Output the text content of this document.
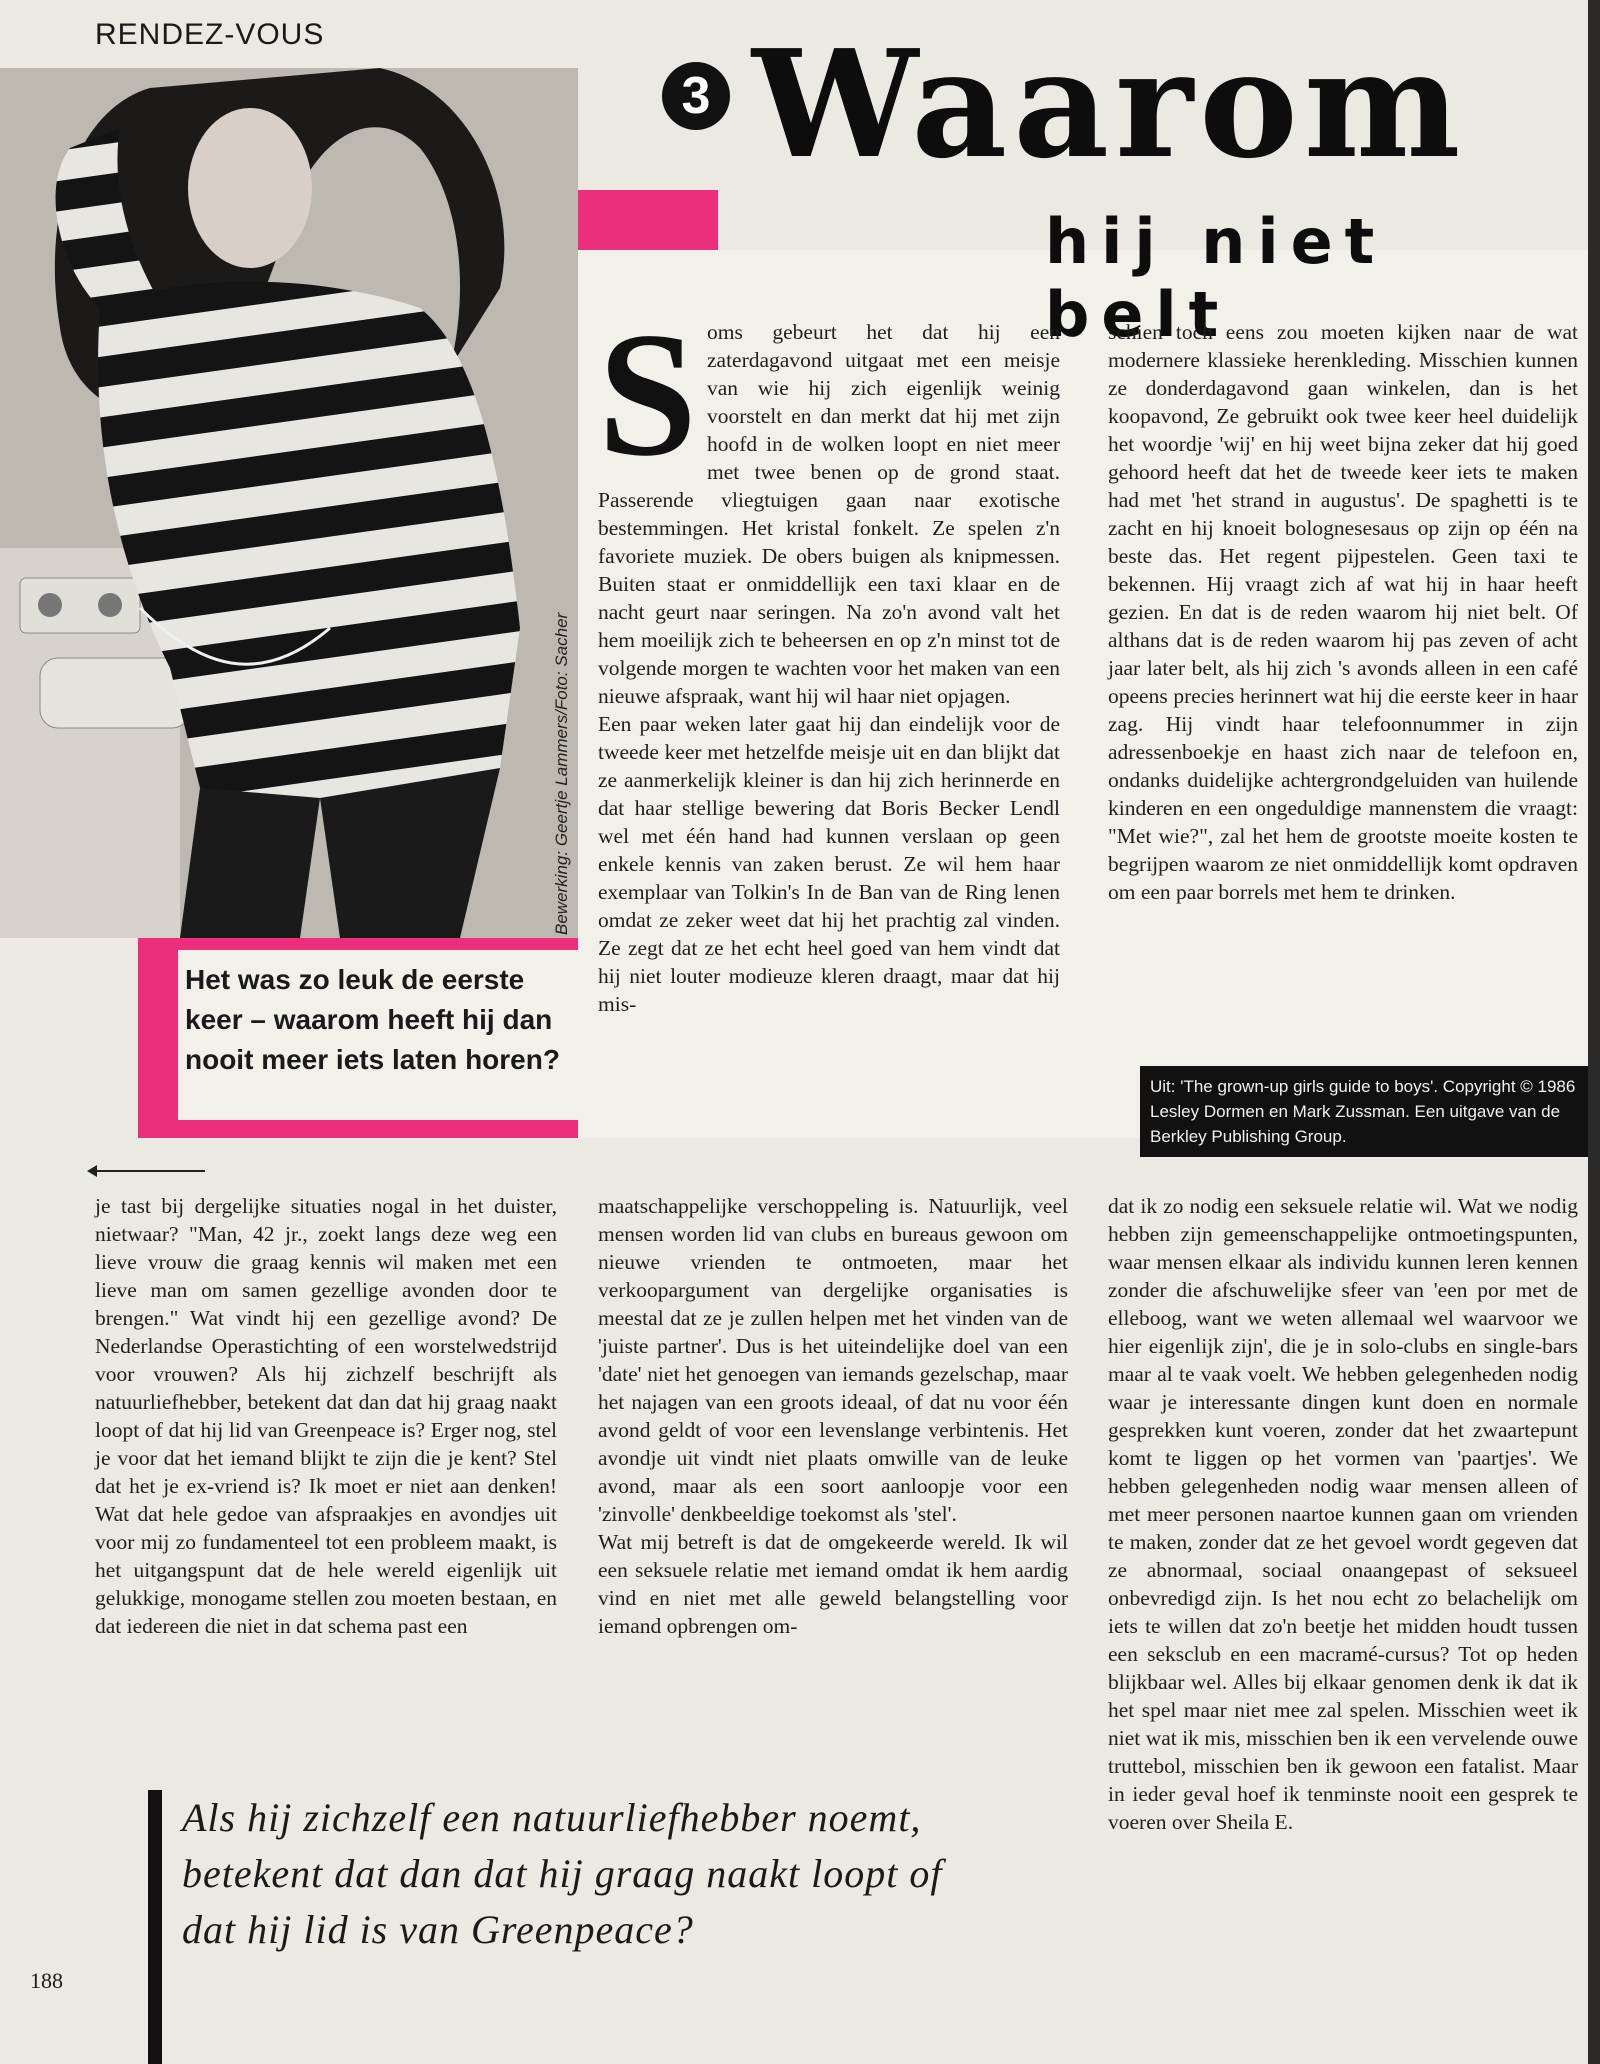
RENDEZ-VOUS
Bewerking: Geertje Lammers/Foto: Sacher
3 Waarom
hij niet belt
Het was zo leuk de eerste keer – waarom heeft hij dan nooit meer iets laten horen?
S oms gebeurt het dat hij een zaterdagavond uitgaat met een meisje van wie hij zich eigenlijk weinig voorstelt en dan merkt dat hij met zijn hoofd in de wolken loopt en niet meer met twee benen op de grond staat. Passerende vliegtuigen gaan naar exotische bestemmingen. Het kristal fonkelt. Ze spelen z'n favoriete muziek. De obers buigen als knipmessen. Buiten staat er onmiddellijk een taxi klaar en de nacht geurt naar seringen. Na zo'n avond valt het hem moeilijk zich te beheersen en op z'n minst tot de volgende morgen te wachten voor het maken van een nieuwe afspraak, want hij wil haar niet opjagen.

Een paar weken later gaat hij dan eindelijk voor de tweede keer met hetzelfde meisje uit en dan blijkt dat ze aanmerkelijk kleiner is dan hij zich herinnerde en dat haar stellige bewering dat Boris Becker Lendl wel met één hand had kunnen verslaan op geen enkele kennis van zaken berust. Ze wil hem haar exemplaar van Tolkin's In de Ban van de Ring lenen omdat ze zeker weet dat hij het prachtig zal vinden. Ze zegt dat ze het echt heel goed van hem vindt dat hij niet louter modieuze kleren draagt, maar dat hij mis-

schien toch eens zou moeten kijken naar de wat modernere klassieke herenkleding. Misschien kunnen ze donderdagavond gaan winkelen, dan is het koopavond, Ze gebruikt ook twee keer heel duidelijk het woordje 'wij' en hij weet bijna zeker dat hij goed gehoord heeft dat het de tweede keer iets te maken had met 'het strand in augustus'. De spaghetti is te zacht en hij knoeit bolognesesaus op zijn op één na beste das. Het regent pijpestelen. Geen taxi te bekennen. Hij vraagt zich af wat hij in haar heeft gezien. En dat is de reden waarom hij niet belt. Of althans dat is de reden waarom hij pas zeven of acht jaar later belt, als hij zich 's avonds alleen in een café opeens precies herinnert wat hij die eerste keer in haar zag. Hij vindt haar telefoonnummer in zijn adressenboekje en haast zich naar de telefoon en, ondanks duidelijke achtergrondgeluiden van huilende kinderen en een ongeduldige mannenstem die vraagt: "Met wie?", zal het hem de grootste moeite kosten te begrijpen waarom ze niet onmiddellijk komt opdraven om een paar borrels met hem te drinken.

Uit: 'The grown-up girls guide to boys'. Copyright © 1986 Lesley Dormen en Mark Zussman. Een uitgave van de Berkley Publishing Group.

je tast bij dergelijke situaties nogal in het duister, nietwaar? "Man, 42 jr., zoekt langs deze weg een lieve vrouw die graag kennis wil maken met een lieve man om samen gezellige avonden door te brengen." Wat vindt hij een gezellige avond? De Nederlandse Operastichting of een worstelwedstrijd voor vrouwen? Als hij zichzelf beschrijft als natuurliefhebber, betekent dat dan dat hij graag naakt loopt of dat hij lid van Greenpeace is? Erger nog, stel je voor dat het iemand blijkt te zijn die je kent? Stel dat het je ex-vriend is? Ik moet er niet aan denken! Wat dat hele gedoe van afspraakjes en avondjes uit voor mij zo fundamenteel tot een probleem maakt, is het uitgangspunt dat de hele wereld eigenlijk uit gelukkige, monogame stellen zou moeten bestaan, en dat iedereen die niet in dat schema past een

maatschappelijke verschoppeling is. Natuurlijk, veel mensen worden lid van clubs en bureaus gewoon om nieuwe vrienden te ontmoeten, maar het verkoopargument van dergelijke organisaties is meestal dat ze je zullen helpen met het vinden van de 'juiste partner'. Dus is het uiteindelijke doel van een 'date' niet het genoegen van iemands gezelschap, maar het najagen van een groots ideaal, of dat nu voor één avond geldt of voor een levenslange verbintenis. Het avondje uit vindt niet plaats omwille van de leuke avond, maar als een soort aanloopje voor een 'zinvolle' denkbeeldige toekomst als 'stel'.

Wat mij betreft is dat de omgekeerde wereld. Ik wil een seksuele relatie met iemand omdat ik hem aardig vind en niet met alle geweld belangstelling voor iemand opbrengen om-

dat ik zo nodig een seksuele relatie wil. Wat we nodig hebben zijn gemeenschappelijke ontmoetingspunten, waar mensen elkaar als individu kunnen leren kennen zonder die afschuwelijke sfeer van 'een por met de elleboog, want we weten allemaal wel waarvoor we hier eigenlijk zijn', die je in solo-clubs en single-bars maar al te vaak voelt. We hebben gelegenheden nodig waar je interessante dingen kunt doen en normale gesprekken kunt voeren, zonder dat het zwaartepunt komt te liggen op het vormen van 'paartjes'. We hebben gelegenheden nodig waar mensen alleen of met meer personen naartoe kunnen gaan om vrienden te maken, zonder dat ze het gevoel wordt gegeven dat ze abnormaal, sociaal onaangepast of seksueel onbevredigd zijn. Is het nou echt zo belachelijk om iets te willen dat zo'n beetje het midden houdt tussen een seksclub en een macramé-cursus? Tot op heden blijkbaar wel. Alles bij elkaar genomen denk ik dat ik het spel maar niet mee zal spelen. Misschien weet ik niet wat ik mis, misschien ben ik een vervelende ouwe truttebol, misschien ben ik gewoon een fatalist. Maar in ieder geval hoef ik tenminste nooit een gesprek te voeren over Sheila E.

Als hij zichzelf een natuurliefhebber noemt, betekent dat dan dat hij graag naakt loopt of dat hij lid is van Greenpeace?
188
